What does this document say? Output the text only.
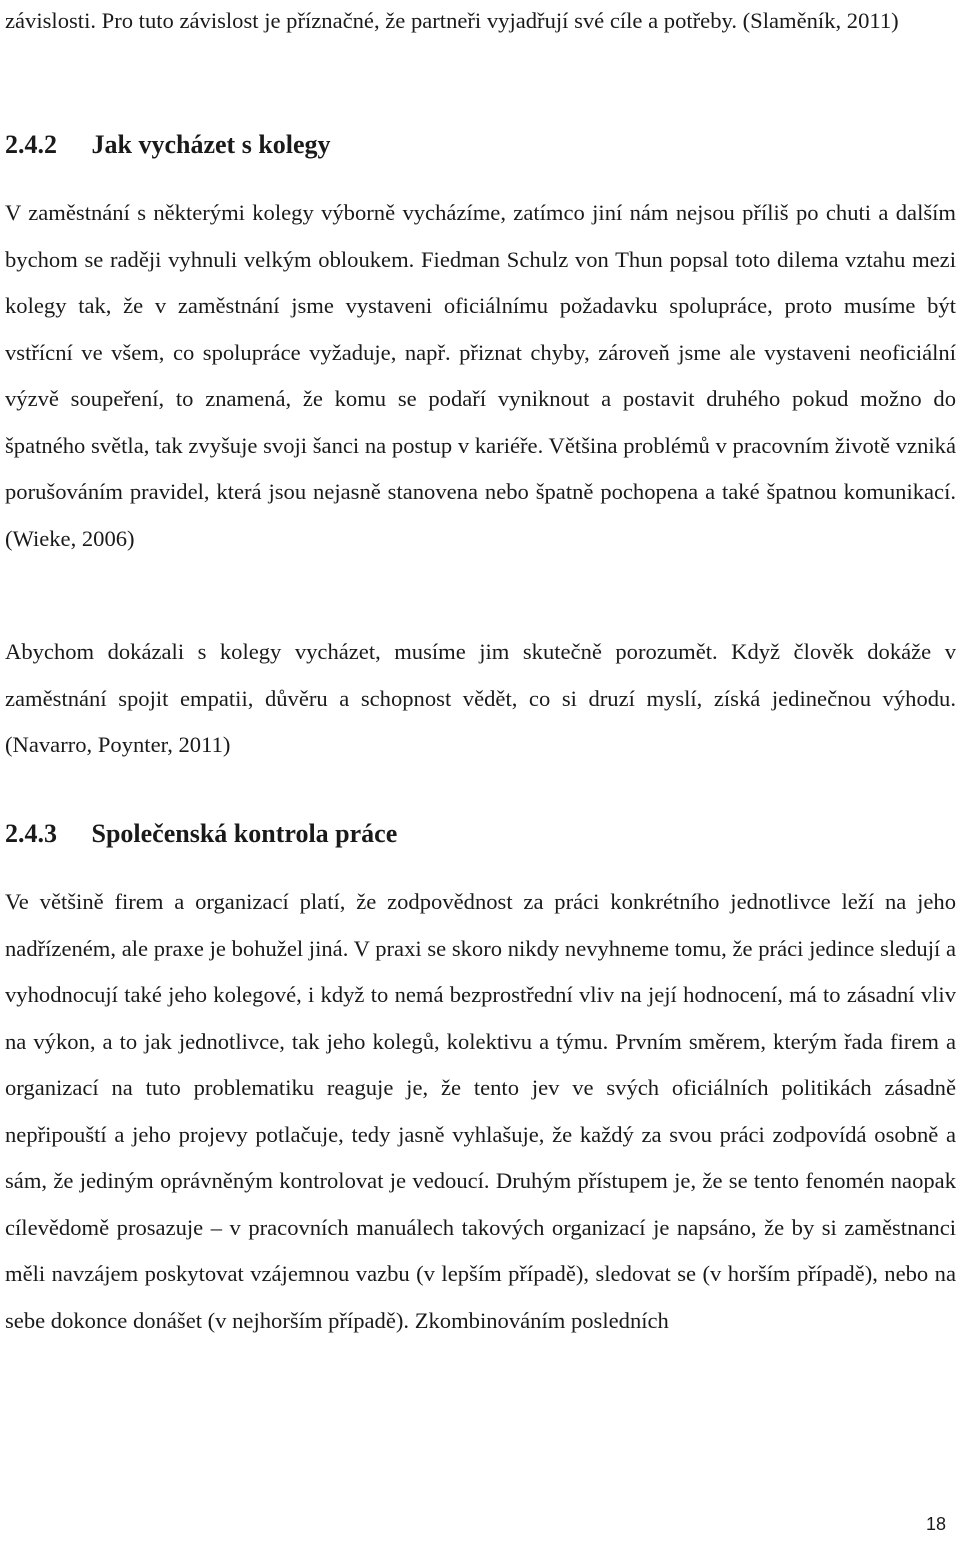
závislosti. Pro tuto závislost je příznačné, že partneři vyjadřují své cíle a potřeby. (Slaměník, 2011)

2.4.2 Jak vycházet s kolegy

V zaměstnání s některými kolegy výborně vycházíme, zatímco jiní nám nejsou příliš po chuti a dalším bychom se raději vyhnuli velkým obloukem. Fiedman Schulz von Thun popsal toto dilema vztahu mezi kolegy tak, že v zaměstnání jsme vystaveni oficiálnímu požadavku spolupráce, proto musíme být vstřícní ve všem, co spolupráce vyžaduje, např. přiznat chyby, zároveň jsme ale vystaveni neoficiální výzvě soupeření, to znamená, že komu se podaří vyniknout a postavit druhého pokud možno do špatného světla, tak zvyšuje svoji šanci na postup v kariéře. Většina problémů v pracovním životě vzniká porušováním pravidel, která jsou nejasně stanovena nebo špatně pochopena a také špatnou komunikací. (Wieke, 2006)

Abychom dokázali s kolegy vycházet, musíme jim skutečně porozumět. Když člověk dokáže v zaměstnání spojit empatii, důvěru a schopnost vědět, co si druzí myslí, získá jedinečnou výhodu. (Navarro, Poynter, 2011)

2.4.3 Společenská kontrola práce

Ve většině firem a organizací platí, že zodpovědnost za práci konkrétního jednotlivce leží na jeho nadřízeném, ale praxe je bohužel jiná. V praxi se skoro nikdy nevyhneme tomu, že práci jedince sledují a vyhodnocují také jeho kolegové, i když to nemá bezprostřední vliv na její hodnocení, má to zásadní vliv na výkon, a to jak jednotlivce, tak jeho kolegů, kolektivu a týmu. Prvním směrem, kterým řada firem a organizací na tuto problematiku reaguje je, že tento jev ve svých oficiálních politikách zásadně nepřipouští a jeho projevy potlačuje, tedy jasně vyhlašuje, že každý za svou práci zodpovídá osobně a sám, že jediným oprávněným kontrolovat je vedoucí. Druhým přístupem je, že se tento fenomén naopak cílevědomě prosazuje – v pracovních manuálech takových organizací je napsáno, že by si zaměstnanci měli navzájem poskytovat vzájemnou vazbu (v lepším případě), sledovat se (v horším případě), nebo na sebe dokonce donášet (v nejhorším případě). Zkombinováním posledních

18
